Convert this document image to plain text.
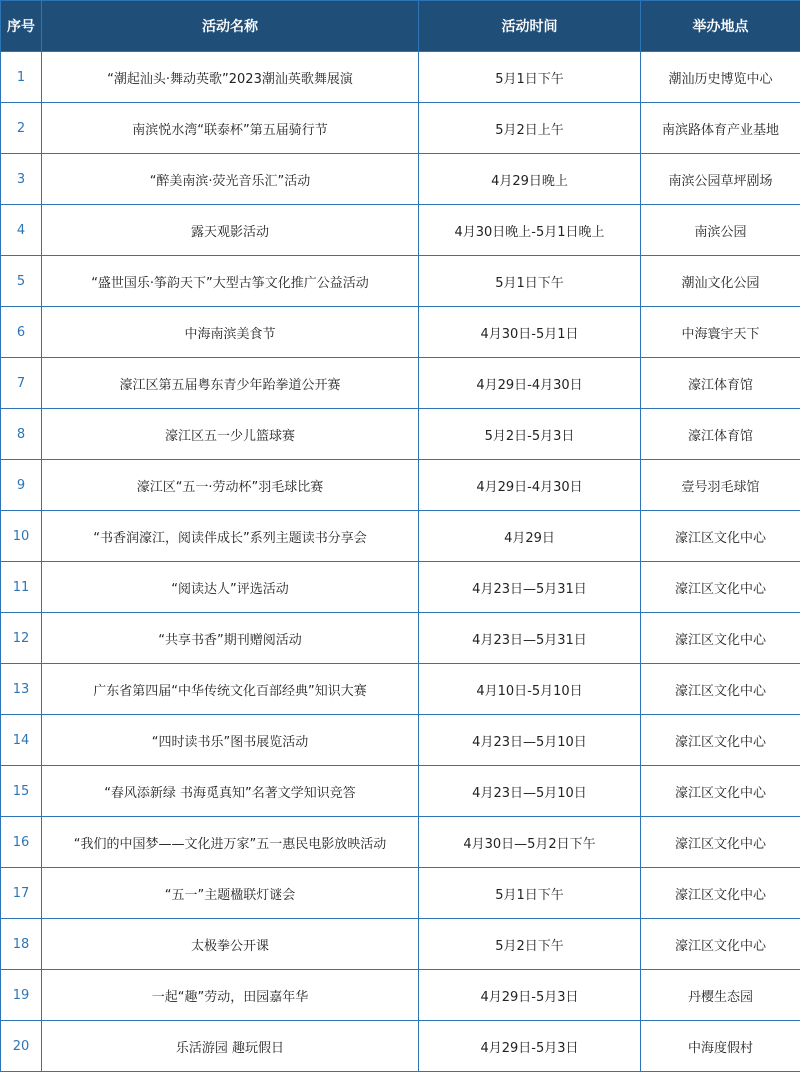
序号	活动名称	活动时间	举办地点
1	“潮起汕头·舞动英歌”2023潮汕英歌舞展演	5月1日下午	潮汕历史博览中心
2	南滨悦水湾“联泰杯”第五届骑行节	5月2日上午	南滨路体育产业基地
3	“醉美南滨·荧光音乐汇”活动	4月29日晚上	南滨公园草坪剧场
4	露天观影活动	4月30日晚上-5月1日晚上	南滨公园
5	“盛世国乐·筝韵天下”大型古筝文化推广公益活动	5月1日下午	潮汕文化公园
6	中海南滨美食节	4月30日-5月1日	中海寰宇天下
7	濠江区第五届粤东青少年跆拳道公开赛	4月29日-4月30日	濠江体育馆
8	濠江区五一少儿篮球赛	5月2日-5月3日	濠江体育馆
9	濠江区“五一·劳动杯”羽毛球比赛	4月29日-4月30日	壹号羽毛球馆
10	“书香润濠江，阅读伴成长”系列主题读书分享会	4月29日	濠江区文化中心
11	“阅读达人”评选活动	4月23日—5月31日	濠江区文化中心
12	“共享书香”期刊赠阅活动	4月23日—5月31日	濠江区文化中心
13	广东省第四届“中华传统文化百部经典”知识大赛	4月10日-5月10日	濠江区文化中心
14	“四时读书乐”图书展览活动	4月23日—5月10日	濠江区文化中心
15	“春风添新绿 书海觅真知”名著文学知识竞答	4月23日—5月10日	濠江区文化中心
16	“我们的中国梦——文化进万家”五一惠民电影放映活动	4月30日—5月2日下午	濠江区文化中心
17	“五一”主题楹联灯谜会	5月1日下午	濠江区文化中心
18	太极拳公开课	5月2日下午	濠江区文化中心
19	一起“趣”劳动，田园嘉年华	4月29日-5月3日	丹樱生态园
20	乐活游园 趣玩假日	4月29日-5月3日	中海度假村
